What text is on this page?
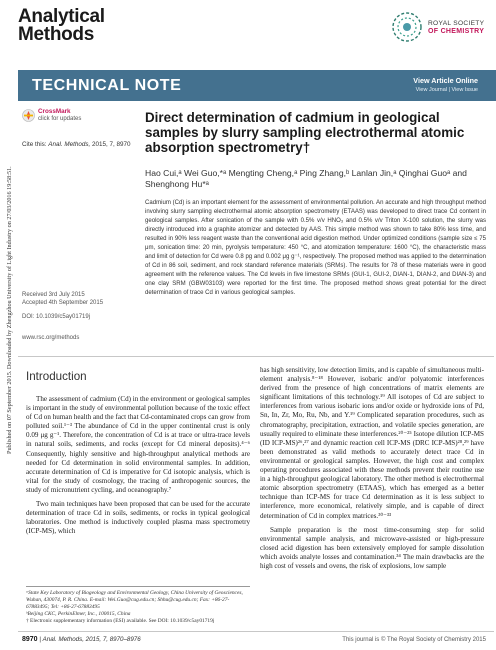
Published on 07 September 2015. Downloaded by Zhengzhou University of Light Industry on 27/03/2016 19:58:51.
Analytical
Methods
ROYAL SOCIETY
OF CHEMISTRY
TECHNICAL NOTE	View Article Online
View Journal | View Issue
CrossMark
click for updates
Cite this: Anal. Methods, 2015, 7, 8970
Direct determination of cadmium in geological samples by slurry sampling electrothermal atomic absorption spectrometry†
Hao Cui,ᵃ Wei Guo,*ᵃ Mengting Cheng,ᵃ Ping Zhang,ᵇ Lanlan Jin,ᵃ Qinghai Guoᵃ and Shenghong Hu*ᵃ
Cadmium (Cd) is an important element for the assessment of environmental pollution. An accurate and high throughput method involving slurry sampling electrothermal atomic absorption spectrometry (ETAAS) was developed to direct trace Cd content in geological samples. After sonication of the sample with 0.5% v/v HNO₃ and 0.5% v/v Triton X-100 solution, the slurry was directly introduced into a graphite atomizer and detected by AAS. This simple method was shown to take 80% less time, and resulted in 90% less reagent waste than the conventional acid digestion method. Under optimized conditions (sample size ≤ 75 μm, sonication time: 20 min, pyrolysis temperature: 450 °C, and atomization temperature: 1600 °C), the characteristic mass and limit of detection for Cd were 0.8 pg and 0.002 μg g⁻¹, respectively. The proposed method was applied to the determination of Cd in 86 soil, sediment, and rock standard reference materials (SRMs). The results for 78 of these materials were in good agreement with the reference values. The Cd levels in five limestone SRMs (GUI-1, GUI-2, DIAN-1, DIAN-2, and DIAN-3) and one clay SRM (GBW03103) were reported for the first time. The proposed method shows great potential for the direct determination of trace Cd in various geological samples.
Received 3rd July 2015
Accepted 4th September 2015
DOI: 10.1039/c5ay01719j
www.rsc.org/methods
Introduction
The assessment of cadmium (Cd) in the environment or geological samples is important in the study of environmental pollution because of the toxic effect of Cd on human health and the fact that Cd-contaminated crops can grow from polluted soil.¹⁻³ The abundance of Cd in the upper continental crust is only 0.09 μg g⁻¹. Therefore, the concentration of Cd is at trace or ultra-trace levels in natural soils, sediments, and rocks (except for Cd mineral deposits).⁴⁻⁶ Consequently, highly sensitive and high-throughput analytical methods are needed for Cd determination in solid environmental samples. In addition, accurate determination of Cd is imperative for Cd isotopic analysis, which is vital for the study of cosmology, the tracing of anthropogenic sources, the study of micronutrient cycling, and oceanography.⁷
Two main techniques have been proposed that can be used for the accurate determination of trace Cd in soils, sediments, or rocks in typical geological laboratories. One method is inductively coupled plasma mass spectrometry (ICP-MS), which
has high sensitivity, low detection limits, and is capable of simultaneous multi-element analysis.⁸⁻¹⁸ However, isobaric and/or polyatomic interferences derived from the presence of high concentrations of matrix elements are significant limitations of this technology.¹⁹ All isotopes of Cd are subject to interferences from various isobaric ions and/or oxide or hydroxide ions of Pd, Sn, In, Zr, Mo, Ru, Nb, and Y.¹⁹ Complicated separation procedures, such as chromatography, precipitation, extraction, and volatile species generation, are usually required to eliminate these interferences.²⁰⁻²⁵ Isotope dilution ICP-MS (ID ICP-MS)²⁶,²⁷ and dynamic reaction cell ICP-MS (DRC ICP-MS)²⁸,²⁹ have been demonstrated as valid methods to accurately detect trace Cd in environmental or geological samples. However, the high cost and complex operating procedures associated with these methods prevent their routine use in a high-throughput geological laboratory. The other method is electrothermal atomic absorption spectrometry (ETAAS), which has emerged as a better technique than ICP-MS for trace Cd determination as it is less subject to interference, more economical, relatively simple, and is capable of direct determination of Cd in complex matrices.³⁰⁻³³
Sample preparation is the most time-consuming step for solid environmental sample analysis, and microwave-assisted or high-pressure closed acid digestion has been extensively employed for sample dissolution which avoids analyte losses and contamination.³⁴ The main drawbacks are the high cost of vessels and ovens, the risk of explosions, low sample
ᵃState Key Laboratory of Biogeology and Environmental Geology, China University of Geosciences, Wuhan, 430074, P. R. China. E-mail: Wei.Guo@cug.edu.cn; Shhu@cug.edu.cn; Fax: +86-27-67883495; Tel: +86-27-67883495
ᵇBeijing CKC, PerkinElmer, Inc., 100015, China
† Electronic supplementary information (ESI) available. See DOI: 10.1039/c5ay01719j
8970 | Anal. Methods, 2015, 7, 8970–8976	This journal is © The Royal Society of Chemistry 2015
